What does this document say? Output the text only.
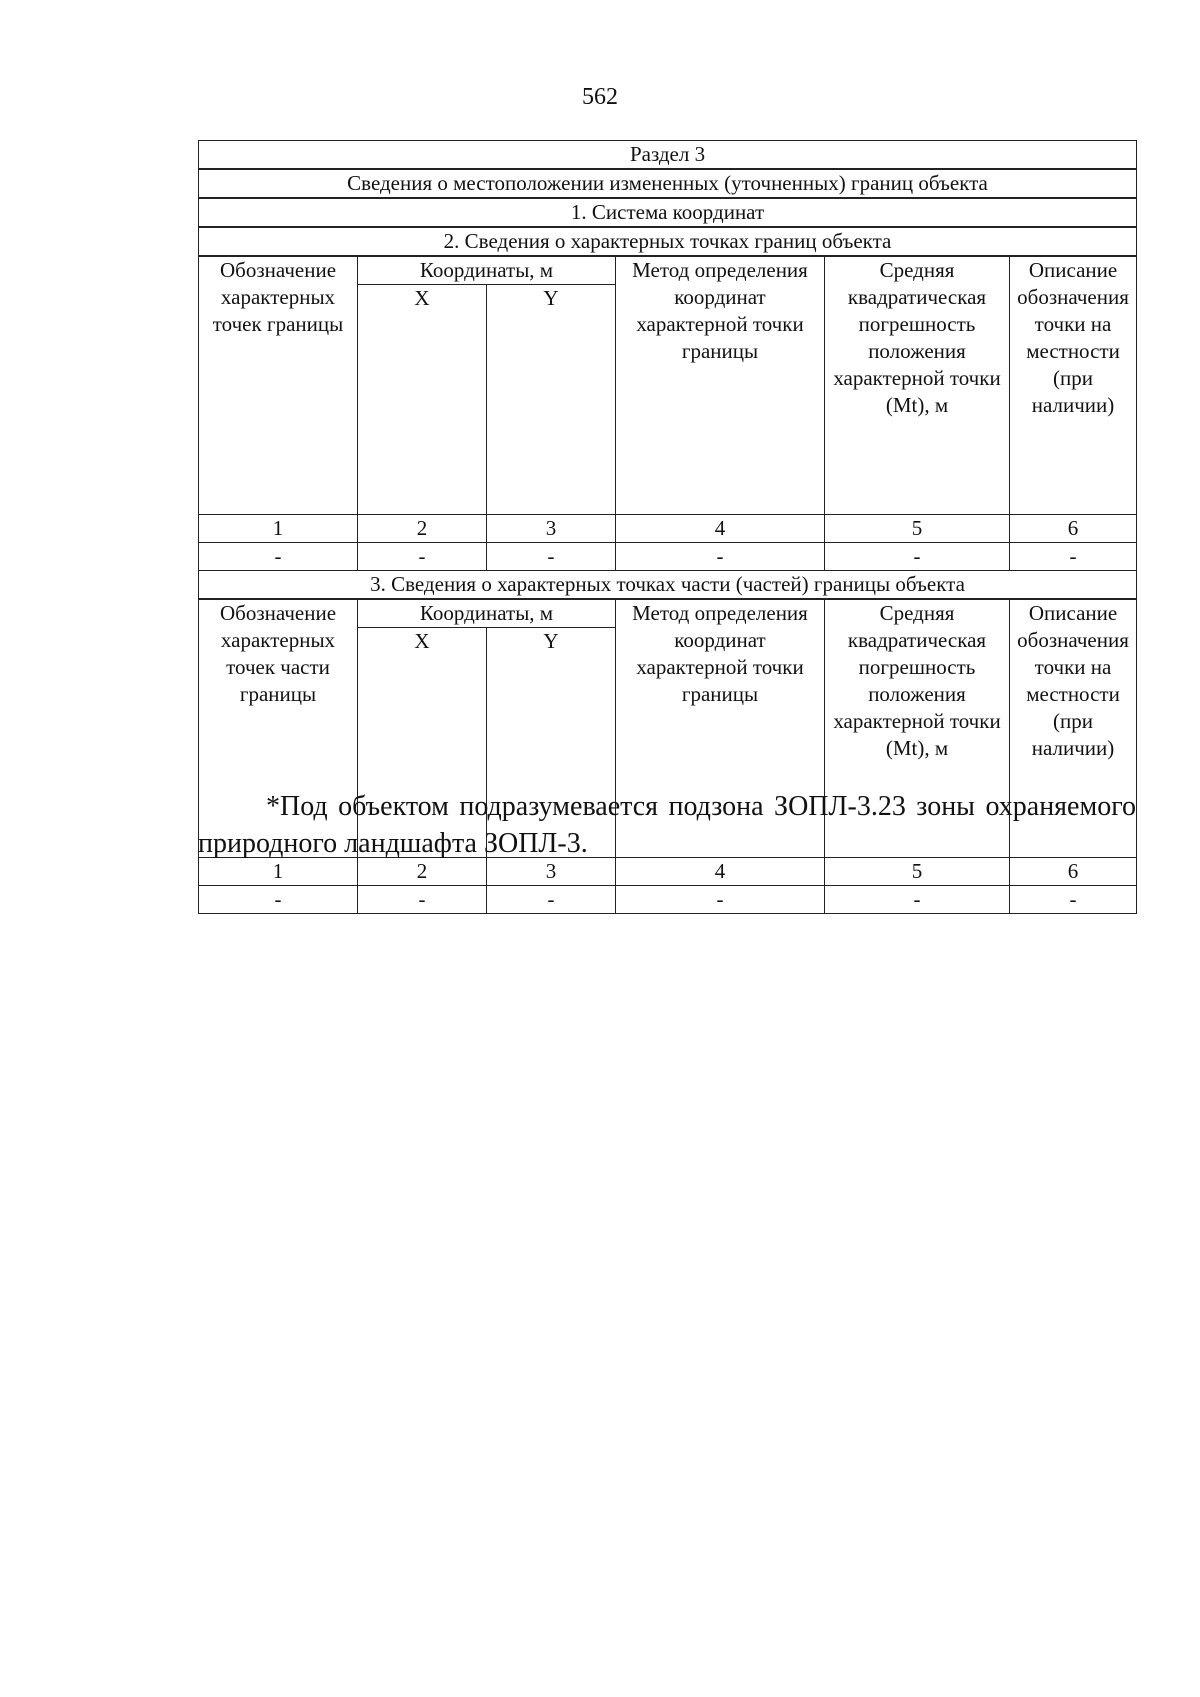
562
Раздел 3					
Сведения о местоположении измененных (уточненных) границ объекта					
1. Система координат					
2. Сведения о характерных точках границ объекта					
Обозначение характерных точек границы	Координаты, м		Метод определения координат характерной точки границы	Средняя квадратическая погрешность положения характерной точки (Mt), м	Описание обозначения точки на местности (при наличии)
	X	Y			
1	2	3	4	5	6
-	-	-	-	-	-
3. Сведения о характерных точках части (частей) границы объекта					
Обозначение характерных точек части границы	Координаты, м		Метод определения координат характерной точки границы	Средняя квадратическая погрешность положения характерной точки (Mt), м	Описание обозначения точки на местности (при наличии)
	X	Y			
1	2	3	4	5	6
-	-	-	-	-	-

*Под объектом подразумевается подзона ЗОПЛ-3.23 зоны охраняемого природного ландшафта ЗОПЛ-3.
